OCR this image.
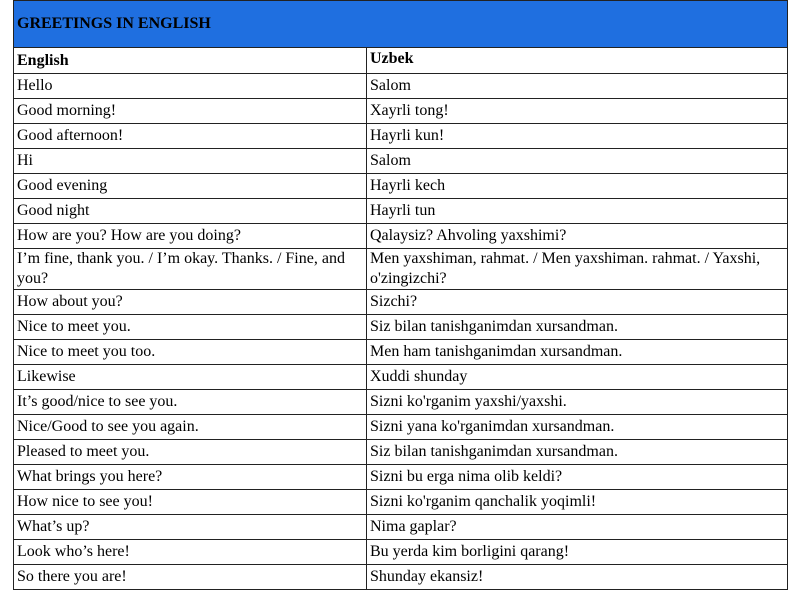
GREETINGS IN ENGLISH	
English	Uzbek
Hello	Salom
Good morning!	Xayrli tong!
Good afternoon!	Hayrli kun!
Hi	Salom
Good evening	Hayrli kech
Good night	Hayrli tun
How are you? How are you doing?	Qalaysiz? Ahvoling yaxshimi?
I’m fine, thank you. / I’m okay. Thanks. / Fine, and you?	Men yaxshiman, rahmat. / Men yaxshiman. rahmat. / Yaxshi, o'zingizchi?
How about you?	Sizchi?
Nice to meet you.	Siz bilan tanishganimdan xursandman.
Nice to meet you too.	Men ham tanishganimdan xursandman.
Likewise	Xuddi shunday
It’s good/nice to see you.	Sizni ko'rganim yaxshi/yaxshi.
Nice/Good to see you again.	Sizni yana ko'rganimdan xursandman.
Pleased to meet you.	Siz bilan tanishganimdan xursandman.
What brings you here?	Sizni bu erga nima olib keldi?
How nice to see you!	Sizni ko'rganim qanchalik yoqimli!
What’s up?	Nima gaplar?
Look who’s here!	Bu yerda kim borligini qarang!
So there you are!	Shunday ekansiz!
